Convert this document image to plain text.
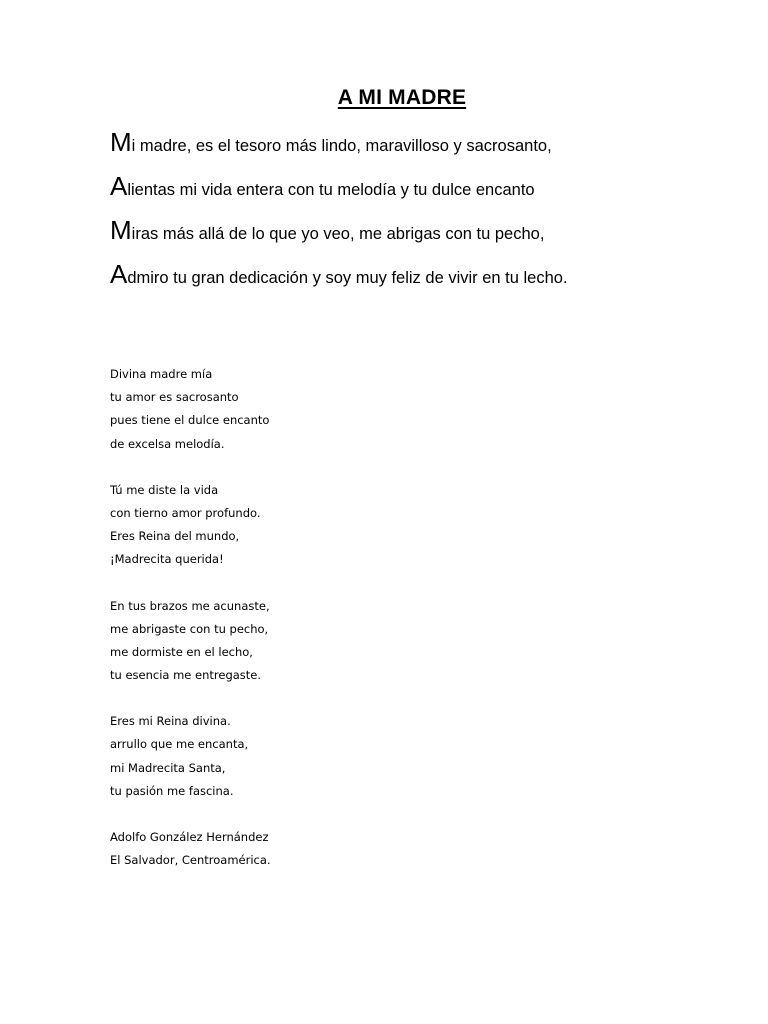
A MI MADRE
Mi madre, es el tesoro más lindo, maravilloso y sacrosanto,
Alientas mi vida entera con tu melodía y tu dulce encanto
Miras más allá de lo que yo veo, me abrigas con tu pecho,
Admiro tu gran dedicación y soy muy feliz de vivir en tu lecho.
Divina madre mía
tu amor es sacrosanto
pues tiene el dulce encanto
de excelsa melodía.
Tú me diste la vida
con tierno amor profundo.
Eres Reina del mundo,
¡Madrecita querida!
En tus brazos me acunaste,
me abrigaste con tu pecho,
me dormiste en el lecho,
tu esencia me entregaste.
Eres mi Reina divina.
arrullo que me encanta,
mi Madrecita Santa,
tu pasión me fascina.
Adolfo González Hernández
El Salvador, Centroamérica.
